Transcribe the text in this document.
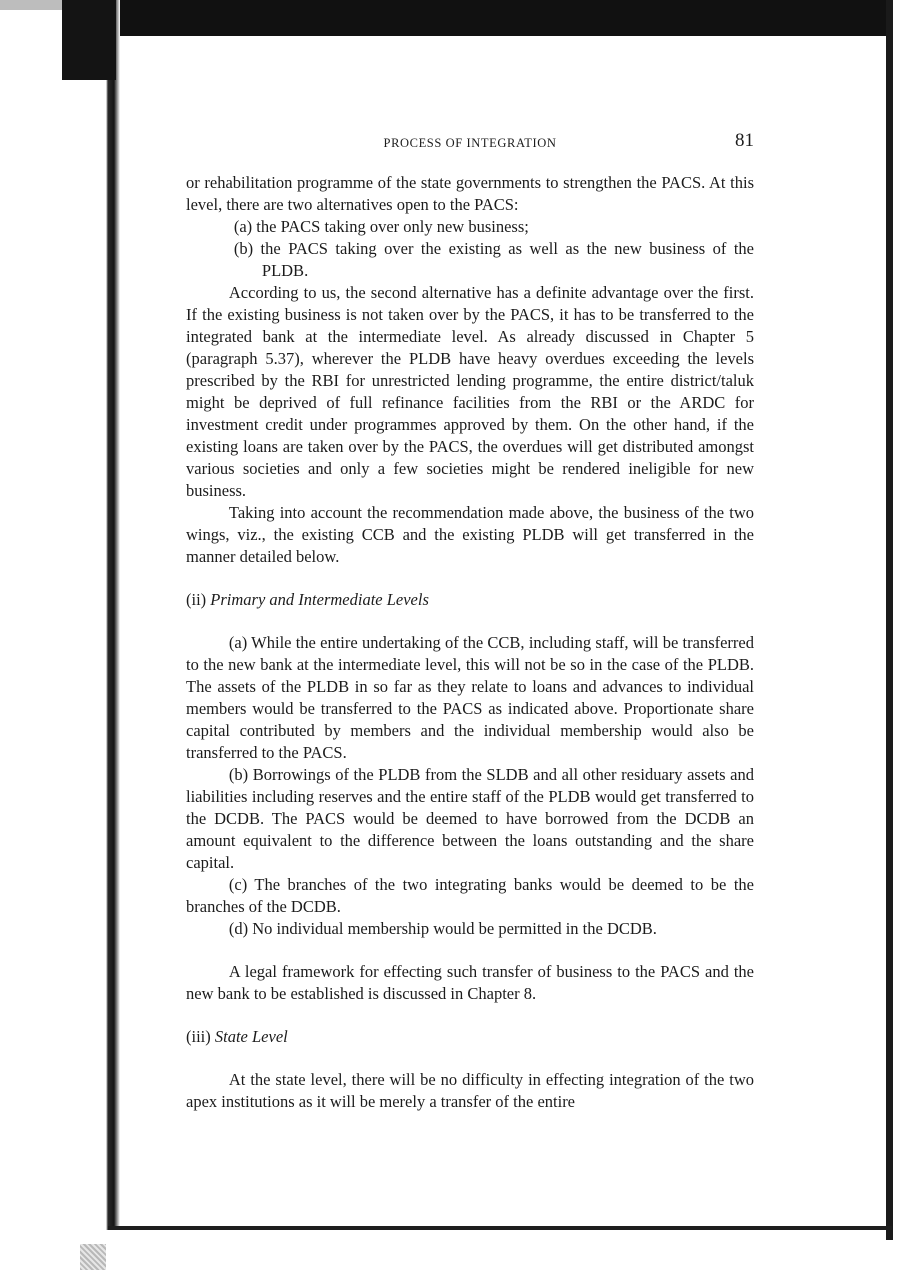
PROCESS OF INTEGRATION	81

or rehabilitation programme of the state governments to strengthen the PACS. At this level, there are two alternatives open to the PACS:

(a) the PACS taking over only new business;

(b) the PACS taking over the existing as well as the new business of the PLDB.

According to us, the second alternative has a definite advantage over the first. If the existing business is not taken over by the PACS, it has to be transferred to the integrated bank at the intermediate level. As already discussed in Chapter 5 (paragraph 5.37), wherever the PLDB have heavy overdues exceeding the levels prescribed by the RBI for unrestricted lending programme, the entire district/taluk might be deprived of full refinance facilities from the RBI or the ARDC for investment credit under programmes approved by them. On the other hand, if the existing loans are taken over by the PACS, the overdues will get distributed amongst various societies and only a few societies might be rendered ineligible for new business.

Taking into account the recommendation made above, the business of the two wings, viz., the existing CCB and the existing PLDB will get transferred in the manner detailed below.

(ii) Primary and Intermediate Levels

(a) While the entire undertaking of the CCB, including staff, will be transferred to the new bank at the intermediate level, this will not be so in the case of the PLDB. The assets of the PLDB in so far as they relate to loans and advances to individual members would be transferred to the PACS as indicated above. Proportionate share capital contributed by members and the individual membership would also be transferred to the PACS.

(b) Borrowings of the PLDB from the SLDB and all other residuary assets and liabilities including reserves and the entire staff of the PLDB would get transferred to the DCDB. The PACS would be deemed to have borrowed from the DCDB an amount equivalent to the difference between the loans outstanding and the share capital.

(c) The branches of the two integrating banks would be deemed to be the branches of the DCDB.

(d) No individual membership would be permitted in the DCDB.

A legal framework for effecting such transfer of business to the PACS and the new bank to be established is discussed in Chapter 8.

(iii) State Level

At the state level, there will be no difficulty in effecting integration of the two apex institutions as it will be merely a transfer of the entire
